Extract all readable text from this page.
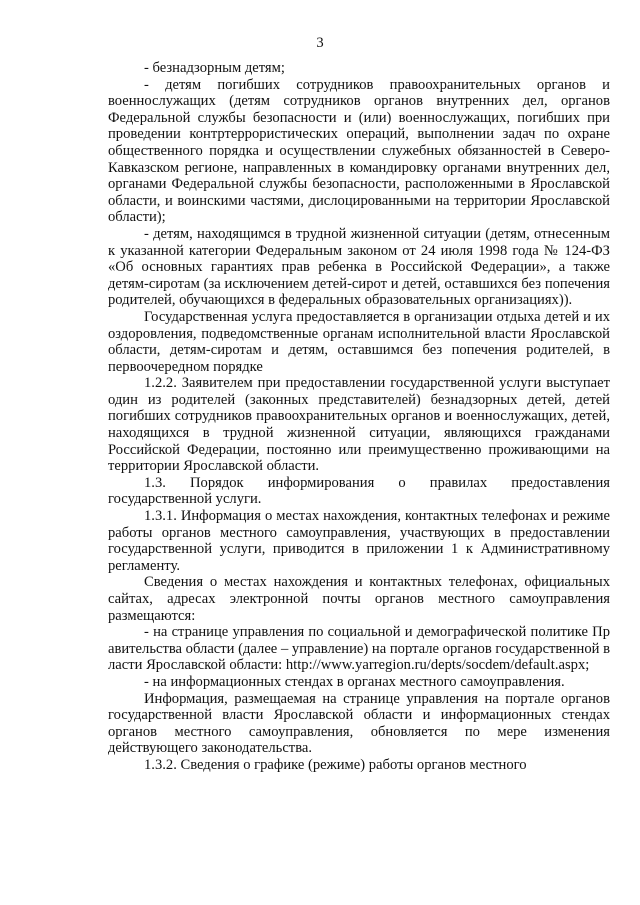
3

- безнадзорным детям;

- детям погибших сотрудников правоохранительных органов и военнослужащих (детям сотрудников органов внутренних дел, органов Федеральной службы безопасности и (или) военнослужащих, погибших при проведении контртеррористических операций, выполнении задач по охране общественного порядка и осуществлении служебных обязанностей в Северо-Кавказском регионе, направленных в командировку органами внутренних дел, органами Федеральной службы безопасности, расположенными в Ярославской области, и воинскими частями, дислоцированными на территории Ярославской области);

- детям, находящимся в трудной жизненной ситуации (детям, отнесенным к указанной категории Федеральным законом от 24 июля 1998 года № 124-ФЗ «Об основных гарантиях прав ребенка в Российской Федерации», а также детям-сиротам (за исключением детей-сирот и детей, оставшихся без попечения родителей, обучающихся в федеральных образовательных организациях)).

Государственная услуга предоставляется в организации отдыха детей и их оздоровления, подведомственные органам исполнительной власти Ярославской области, детям-сиротам и детям, оставшимся без попечения родителей, в первоочередном порядке

1.2.2. Заявителем при предоставлении государственной услуги выступает один из родителей (законных представителей) безнадзорных детей, детей погибших сотрудников правоохранительных органов и военнослужащих, детей, находящихся в трудной жизненной ситуации, являющихся гражданами Российской Федерации, постоянно или преимущественно проживающими на территории Ярославской области.

1.3. Порядок информирования о правилах предоставления государственной услуги.

1.3.1. Информация о местах нахождения, контактных телефонах и режиме работы органов местного самоуправления, участвующих в предоставлении государственной услуги, приводится в приложении 1 к Административному регламенту.

Сведения о местах нахождения и контактных телефонах, официальных сайтах, адресах электронной почты органов местного самоуправления размещаются:

- на странице управления по социальной и демографической политике Правительства области (далее – управление) на портале органов государственной власти Ярославской области: http://www.yarregion.ru/depts/socdem/default.aspx;

- на информационных стендах в органах местного самоуправления.

Информация, размещаемая на странице управления на портале органов государственной власти Ярославской области и информационных стендах органов местного самоуправления, обновляется по мере изменения действующего законодательства.

1.3.2. Сведения о графике (режиме) работы органов местного
